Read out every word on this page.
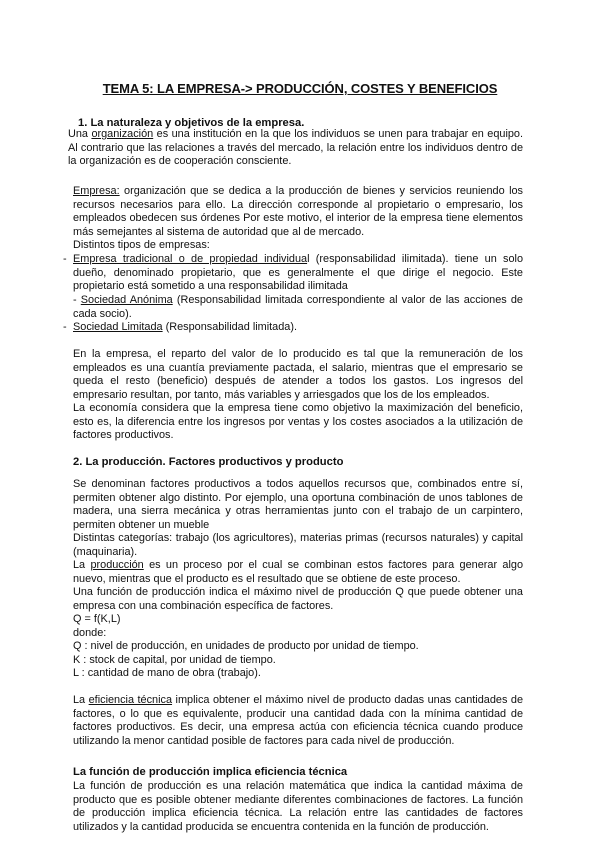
TEMA 5: LA EMPRESA-> PRODUCCIÓN, COSTES Y BENEFICIOS
1. La naturaleza y objetivos de la empresa.
Una organización es una institución en la que los individuos se unen para trabajar en equipo. Al contrario que las relaciones a través del mercado, la relación entre los individuos dentro de la organización es de cooperación consciente.
Empresa: organización que se dedica a la producción de bienes y servicios reuniendo los recursos necesarios para ello. La dirección corresponde al propietario o empresario, los empleados obedecen sus órdenes Por este motivo, el interior de la empresa tiene elementos más semejantes al sistema de autoridad que al de mercado.
Distintos tipos de empresas:
- Empresa tradicional o de propiedad individual (responsabilidad ilimitada). tiene un solo dueño, denominado propietario, que es generalmente el que dirige el negocio. Este propietario está sometido a una responsabilidad ilimitada
- Sociedad Anónima (Responsabilidad limitada correspondiente al valor de las acciones de cada socio).
- Sociedad Limitada (Responsabilidad limitada).
En la empresa, el reparto del valor de lo producido es tal que la remuneración de los empleados es una cuantía previamente pactada, el salario, mientras que el empresario se queda el resto (beneficio) después de atender a todos los gastos. Los ingresos del empresario resultan, por tanto, más variables y arriesgados que los de los empleados.
La economía considera que la empresa tiene como objetivo la maximización del beneficio, esto es, la diferencia entre los ingresos por ventas y los costes asociados a la utilización de factores productivos.
2. La producción. Factores productivos y producto
Se denominan factores productivos a todos aquellos recursos que, combinados entre sí, permiten obtener algo distinto. Por ejemplo, una oportuna combinación de unos tablones de madera, una sierra mecánica y otras herramientas junto con el trabajo de un carpintero, permiten obtener un mueble
Distintas categorías: trabajo (los agricultores), materias primas (recursos naturales) y capital (maquinaria).
La producción es un proceso por el cual se combinan estos factores para generar algo nuevo, mientras que el producto es el resultado que se obtiene de este proceso.
Una función de producción indica el máximo nivel de producción Q que puede obtener una empresa con una combinación específica de factores.
Q = f(K,L)
donde:
Q : nivel de producción, en unidades de producto por unidad de tiempo.
K : stock de capital, por unidad de tiempo.
L : cantidad de mano de obra (trabajo).
La eficiencia técnica implica obtener el máximo nivel de producto dadas unas cantidades de factores, o lo que es equivalente, producir una cantidad dada con la mínima cantidad de factores productivos. Es decir, una empresa actúa con eficiencia técnica cuando produce utilizando la menor cantidad posible de factores para cada nivel de producción.
La función de producción implica eficiencia técnica
La función de producción es una relación matemática que indica la cantidad máxima de producto que es posible obtener mediante diferentes combinaciones de factores. La función de producción implica eficiencia técnica. La relación entre las cantidades de factores utilizados y la cantidad producida se encuentra contenida en la función de producción.
